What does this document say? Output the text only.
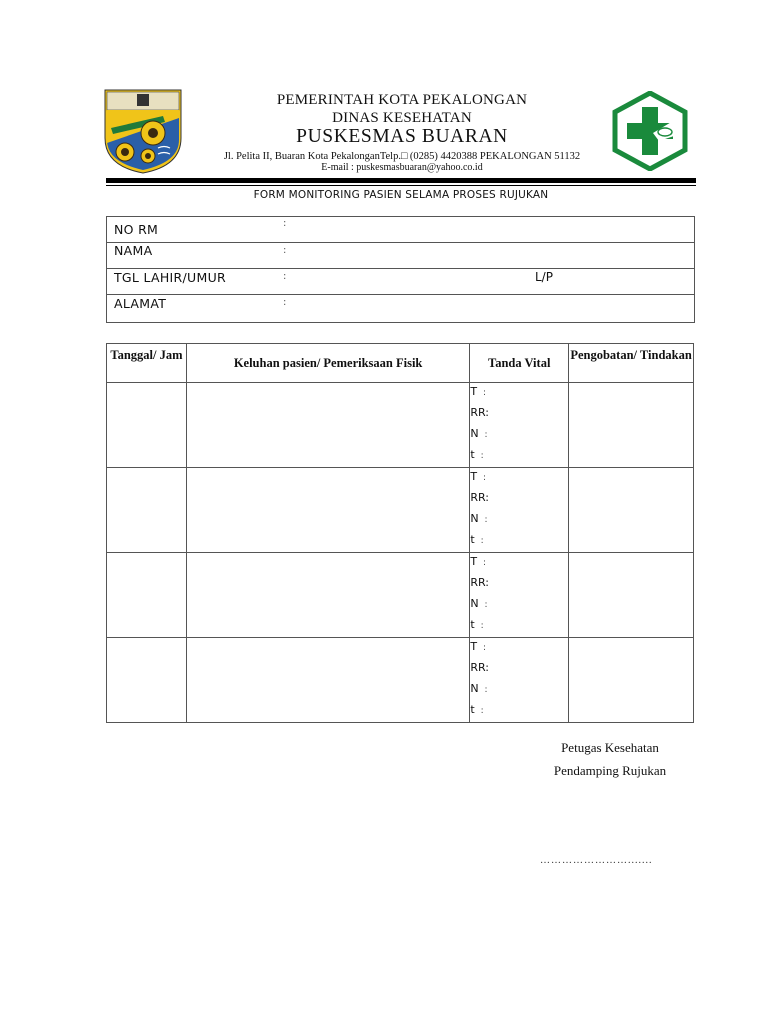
PEMERINTAH KOTA PEKALONGAN
DINAS KESEHATAN
PUSKESMAS BUARAN
Jl. Pelita II, Buaran Kota PekalonganTelp.□ (0285) 4420388 PEKALONGAN 51132
E-mail : puskesmasbuaran@yahoo.co.id
FORM MONITORING PASIEN SELAMA PROSES RUJUKAN
NO RM	:
NAMA	:
TGL LAHIR/UMUR	:	L/P
ALAMAT	:
Tanggal/ Jam	Keluhan pasien/ Pemeriksaan Fisik	Tanda Vital	Pengobatan/ Tindakan

		T :
RR:
N :
t :	

		T :
RR:
N :
t :	

		T :
RR:
N :
t :	

		T :
RR:
N :
t :	

Petugas Kesehatan
Pendamping Rujukan
…………………….......
